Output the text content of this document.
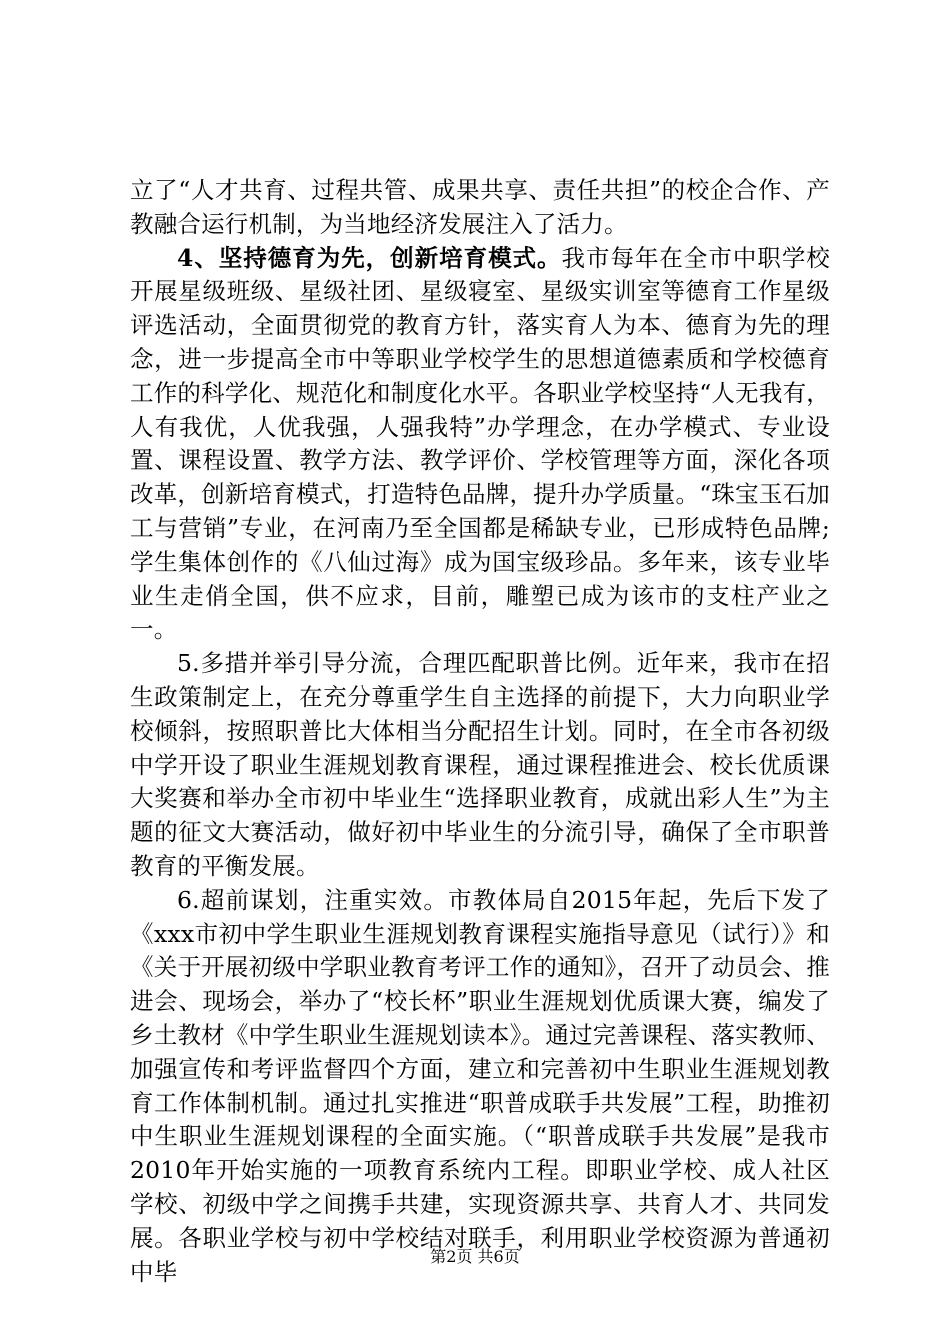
立了“人才共育、过程共管、成果共享、责任共担”的校企合作、产教融合运行机制，为当地经济发展注入了活力。

4、坚持德育为先，创新培育模式。我市每年在全市中职学校开展星级班级、星级社团、星级寝室、星级实训室等德育工作星级评选活动，全面贯彻党的教育方针，落实育人为本、德育为先的理念，进一步提高全市中等职业学校学生的思想道德素质和学校德育工作的科学化、规范化和制度化水平。各职业学校坚持“人无我有，人有我优，人优我强，人强我特”办学理念，在办学模式、专业设置、课程设置、教学方法、教学评价、学校管理等方面，深化各项改革，创新培育模式，打造特色品牌，提升办学质量。“珠宝玉石加工与营销”专业，在河南乃至全国都是稀缺专业，已形成特色品牌;学生集体创作的《八仙过海》成为国宝级珍品。多年来，该专业毕业生走俏全国，供不应求，目前，雕塑已成为该市的支柱产业之一。

5.多措并举引导分流，合理匹配职普比例。近年来，我市在招生政策制定上，在充分尊重学生自主选择的前提下，大力向职业学校倾斜，按照职普比大体相当分配招生计划。同时，在全市各初级中学开设了职业生涯规划教育课程，通过课程推进会、校长优质课大奖赛和举办全市初中毕业生“选择职业教育，成就出彩人生”为主题的征文大赛活动，做好初中毕业生的分流引导，确保了全市职普教育的平衡发展。

6.超前谋划，注重实效。市教体局自2015年起，先后下发了《xxx市初中学生职业生涯规划教育课程实施指导意见（试行）》和《关于开展初级中学职业教育考评工作的通知》，召开了动员会、推进会、现场会，举办了“校长杯”职业生涯规划优质课大赛，编发了乡土教材《中学生职业生涯规划读本》。通过完善课程、落实教师、加强宣传和考评监督四个方面，建立和完善初中生职业生涯规划教育工作体制机制。通过扎实推进“职普成联手共发展”工程，助推初中生职业生涯规划课程的全面实施。（“职普成联手共发展”是我市2010年开始实施的一项教育系统内工程。即职业学校、成人社区学校、初级中学之间携手共建，实现资源共享、共育人才、共同发展。各职业学校与初中学校结对联手，利用职业学校资源为普通初中毕

第2页 共6页
